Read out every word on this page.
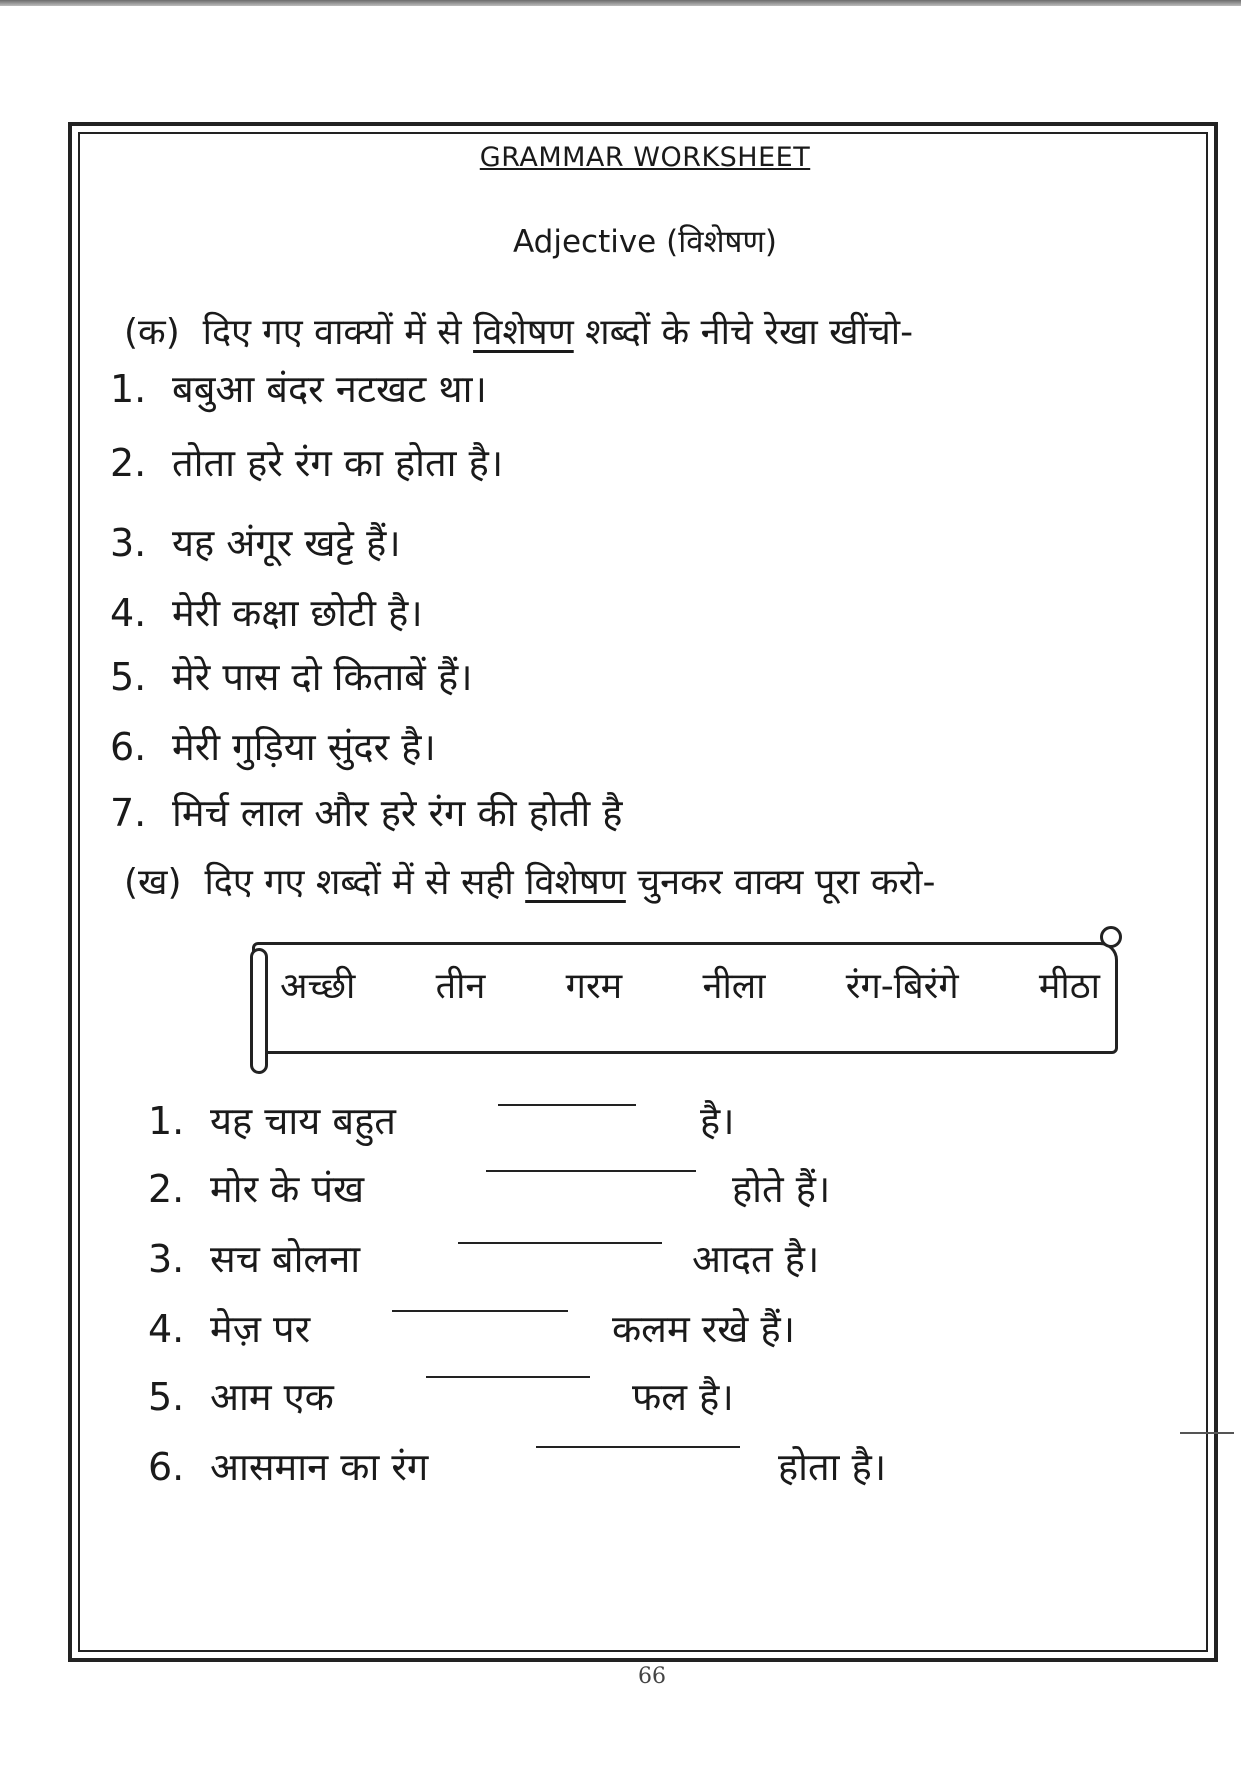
GRAMMAR WORKSHEET
Adjective (विशेषण)
(क) दिए गए वाक्यों में से विशेषण शब्दों के नीचे रेखा खींचो-
1. बबुआ बंदर नटखट था।
2. तोता हरे रंग का होता है।
3. यह अंगूर खट्टे हैं।
4. मेरी कक्षा छोटी है।
5. मेरे पास दो किताबें हैं।
6. मेरी गुड़िया सुंदर है।
7. मिर्च लाल और हरे रंग की होती है
(ख) दिए गए शब्दों में से सही विशेषण चुनकर वाक्य पूरा करो-
अच्छी तीन गरम नीला रंग-बिरंगे मीठा
1. यह चाय बहुत	है।
2. मोर के पंख	होते हैं।
3. सच बोलना	आदत है।
4. मेज़ पर	कलम रखे हैं।
5. आम एक	फल है।
6. आसमान का रंग	होता है।
66
